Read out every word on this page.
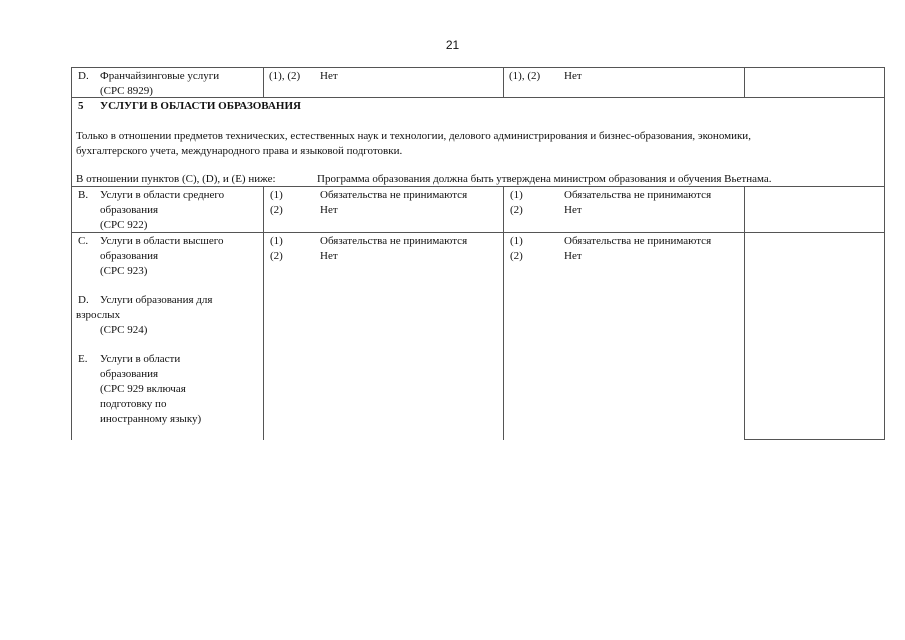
21
D. Франчайзинговые услуги
(CPC 8929)
(1), (2) Нет	(1), (2) Нет
5 УСЛУГИ В ОБЛАСТИ ОБРАЗОВАНИЯ
Только в отношении предметов технических, естественных наук и технологии, делового администрирования и бизнес-образования, экономики,
бухгалтерского учета, международного права и языковой подготовки.
В отношении пунктов (C), (D), и (E) ниже:	Программа образования должна быть утверждена министром образования и обучения Вьетнама.
B. Услуги в области среднего
образования
(CPC 922)
(1)	Обязательства не принимаются
(2)	Нет
(1)	Обязательства не принимаются
(2)	Нет
C. Услуги в области высшего
образования
(CPC 923)
D. Услуги образования для
взрослых
(CPC 924)
E. Услуги в области
образования
(CPC 929 включая
подготовку по
иностранному языку)
(1)	Обязательства не принимаются
(2)	Нет
(1)	Обязательства не принимаются
(2)	Нет
